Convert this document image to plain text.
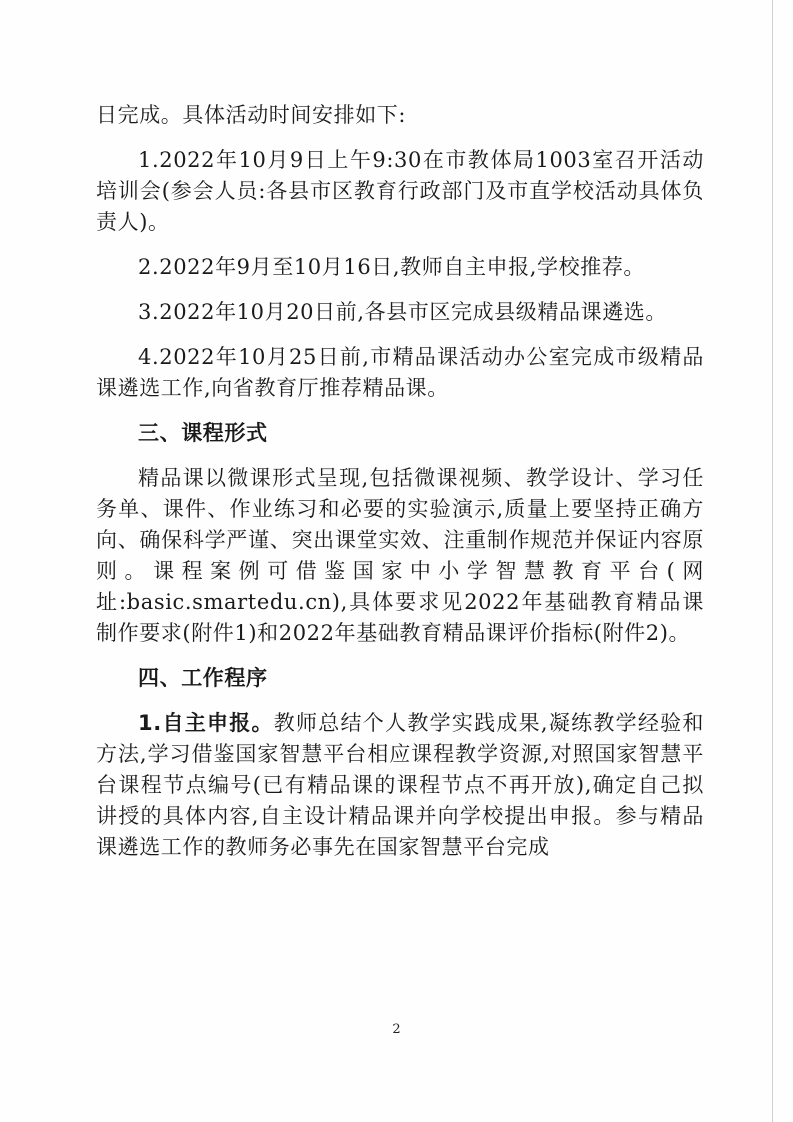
日完成。具体活动时间安排如下:

1.2022年10月9日上午9:30在市教体局1003室召开活动培训会(参会人员:各县市区教育行政部门及市直学校活动具体负责人)。

2.2022年9月至10月16日,教师自主申报,学校推荐。

3.2022年10月20日前,各县市区完成县级精品课遴选。

4.2022年10月25日前,市精品课活动办公室完成市级精品课遴选工作,向省教育厅推荐精品课。

三、课程形式

精品课以微课形式呈现,包括微课视频、教学设计、学习任务单、课件、作业练习和必要的实验演示,质量上要坚持正确方向、确保科学严谨、突出课堂实效、注重制作规范并保证内容原则。课程案例可借鉴国家中小学智慧教育平台(网址:basic.smartedu.cn),具体要求见2022年基础教育精品课制作要求(附件1)和2022年基础教育精品课评价指标(附件2)。

四、工作程序

1.自主申报。教师总结个人教学实践成果,凝练教学经验和方法,学习借鉴国家智慧平台相应课程教学资源,对照国家智慧平台课程节点编号(已有精品课的课程节点不再开放),确定自己拟讲授的具体内容,自主设计精品课并向学校提出申报。参与精品课遴选工作的教师务必事先在国家智慧平台完成

2
